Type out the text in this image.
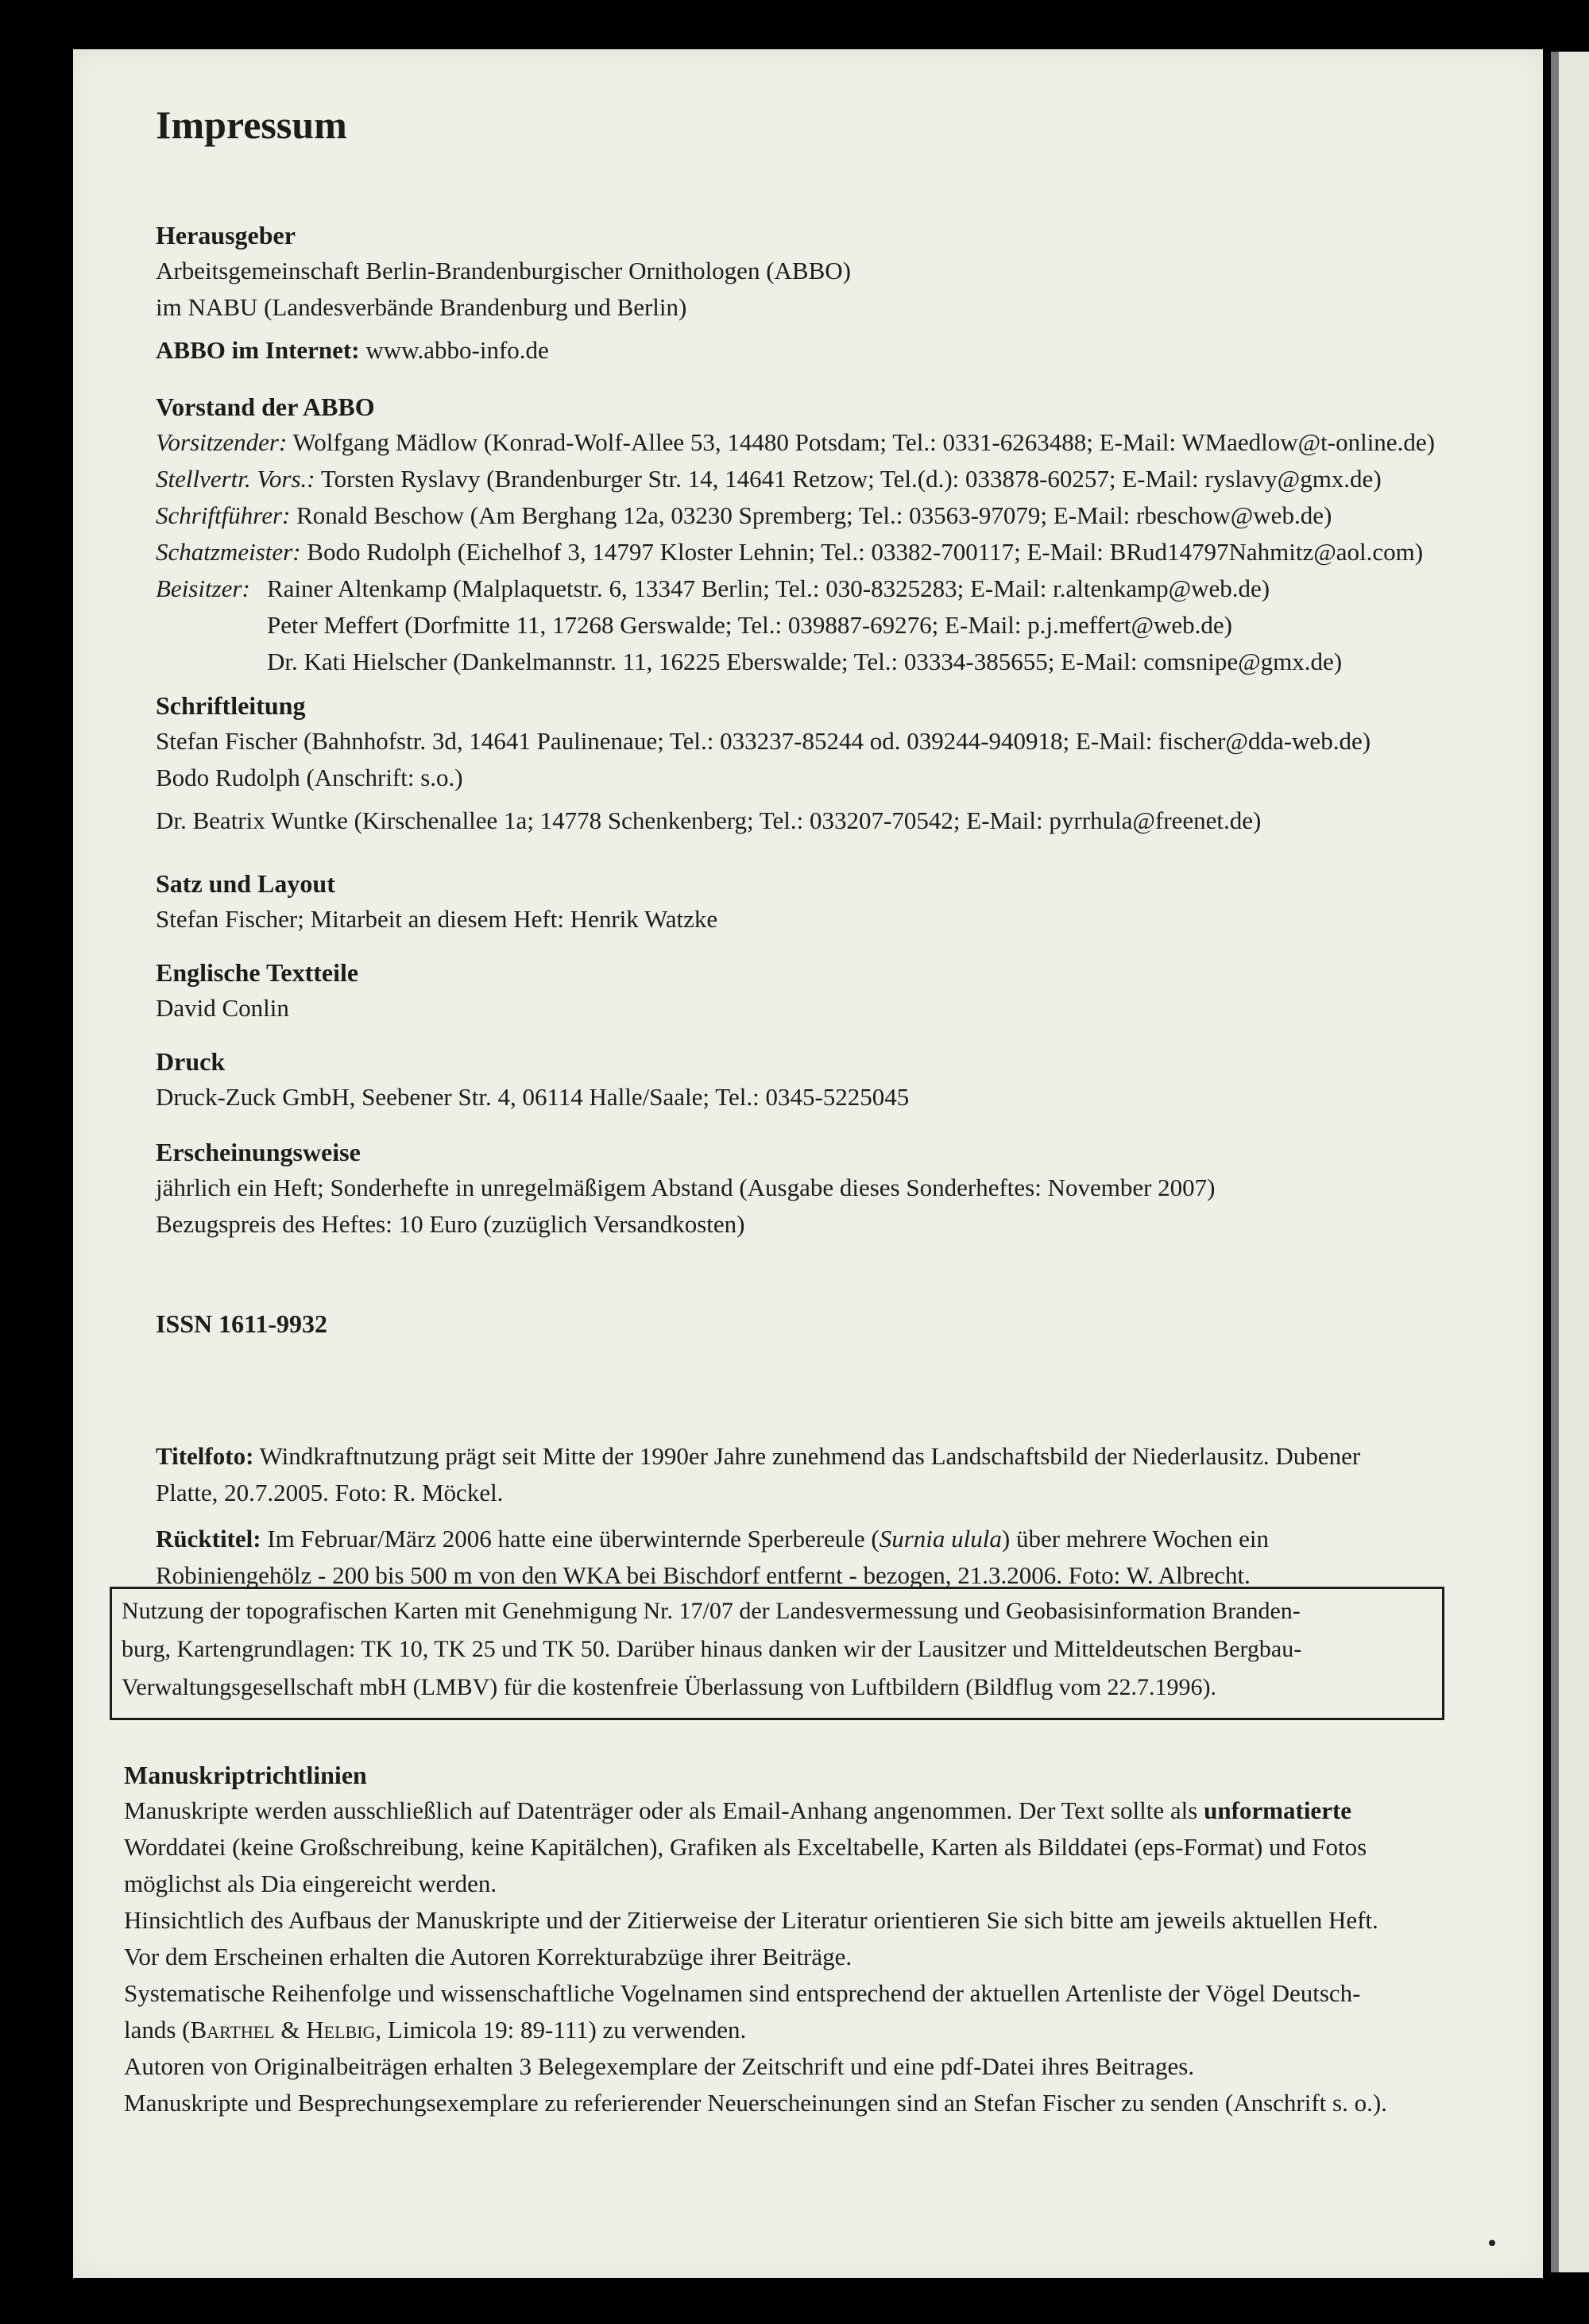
Impressum

Herausgeber

Arbeitsgemeinschaft Berlin-Brandenburgischer Ornithologen (ABBO)

im NABU (Landesverbände Brandenburg und Berlin)

ABBO im Internet: www.abbo-info.de

Vorstand der ABBO

Vorsitzender: Wolfgang Mädlow (Konrad-Wolf-Allee 53, 14480 Potsdam; Tel.: 0331-6263488; E-Mail: WMaedlow@t-online.de)

Stellvertr. Vors.: Torsten Ryslavy (Brandenburger Str. 14, 14641 Retzow; Tel.(d.): 033878-60257; E-Mail: ryslavy@gmx.de)

Schriftführer: Ronald Beschow (Am Berghang 12a, 03230 Spremberg; Tel.: 03563-97079; E-Mail: rbeschow@web.de)

Schatzmeister: Bodo Rudolph (Eichelhof 3, 14797 Kloster Lehnin; Tel.: 03382-700117; E-Mail: BRud14797Nahmitz@aol.com)

Beisitzer: Rainer Altenkamp (Malplaquetstr. 6, 13347 Berlin; Tel.: 030-8325283; E-Mail: r.altenkamp@web.de)

Peter Meffert (Dorfmitte 11, 17268 Gerswalde; Tel.: 039887-69276; E-Mail: p.j.meffert@web.de)

Dr. Kati Hielscher (Dankelmannstr. 11, 16225 Eberswalde; Tel.: 03334-385655; E-Mail: comsnipe@gmx.de)

Schriftleitung

Stefan Fischer (Bahnhofstr. 3d, 14641 Paulinenaue; Tel.: 033237-85244 od. 039244-940918; E-Mail: fischer@dda-web.de)

Bodo Rudolph (Anschrift: s.o.)

Dr. Beatrix Wuntke (Kirschenallee 1a; 14778 Schenkenberg; Tel.: 033207-70542; E-Mail: pyrrhula@freenet.de)

Satz und Layout

Stefan Fischer; Mitarbeit an diesem Heft: Henrik Watzke

Englische Textteile

David Conlin

Druck

Druck-Zuck GmbH, Seebener Str. 4, 06114 Halle/Saale; Tel.: 0345-5225045

Erscheinungsweise

jährlich ein Heft; Sonderhefte in unregelmäßigem Abstand (Ausgabe dieses Sonderheftes: November 2007)

Bezugspreis des Heftes: 10 Euro (zuzüglich Versandkosten)

ISSN 1611-9932

Titelfoto: Windkraftnutzung prägt seit Mitte der 1990er Jahre zunehmend das Landschaftsbild der Niederlausitz. Dubener

Platte, 20.7.2005. Foto: R. Möckel.

Rücktitel: Im Februar/März 2006 hatte eine überwinternde Sperbereule (Surnia ulula) über mehrere Wochen ein

Robiniengehölz - 200 bis 500 m von den WKA bei Bischdorf entfernt - bezogen, 21.3.2006. Foto: W. Albrecht.

Nutzung der topografischen Karten mit Genehmigung Nr. 17/07 der Landesvermessung und Geobasisinformation Branden-

burg, Kartengrundlagen: TK 10, TK 25 und TK 50. Darüber hinaus danken wir der Lausitzer und Mitteldeutschen Bergbau-

Verwaltungsgesellschaft mbH (LMBV) für die kostenfreie Überlassung von Luftbildern (Bildflug vom 22.7.1996).

Manuskriptrichtlinien

Manuskripte werden ausschließlich auf Datenträger oder als Email-Anhang angenommen. Der Text sollte als unformatierte

Worddatei (keine Großschreibung, keine Kapitälchen), Grafiken als Exceltabelle, Karten als Bilddatei (eps-Format) und Fotos

möglichst als Dia eingereicht werden.

Hinsichtlich des Aufbaus der Manuskripte und der Zitierweise der Literatur orientieren Sie sich bitte am jeweils aktuellen Heft.

Vor dem Erscheinen erhalten die Autoren Korrekturabzüge ihrer Beiträge.

Systematische Reihenfolge und wissenschaftliche Vogelnamen sind entsprechend der aktuellen Artenliste der Vögel Deutsch-

lands (Barthel & Helbig, Limicola 19: 89-111) zu verwenden.

Autoren von Originalbeiträgen erhalten 3 Belegexemplare der Zeitschrift und eine pdf-Datei ihres Beitrages.

Manuskripte und Besprechungsexemplare zu referierender Neuerscheinungen sind an Stefan Fischer zu senden (Anschrift s. o.).
